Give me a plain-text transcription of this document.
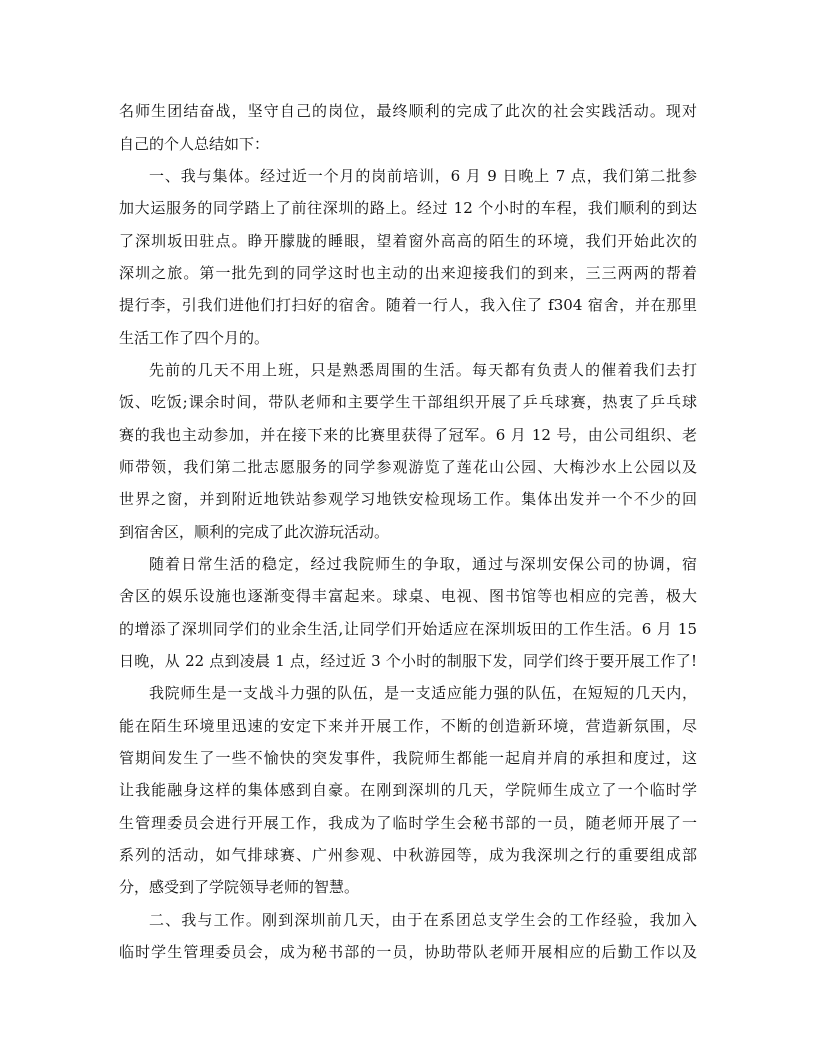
名师生团结奋战，坚守自己的岗位，最终顺利的完成了此次的社会实践活动。现对
自己的个人总结如下：
一、我与集体。经过近一个月的岗前培训，6 月 9 日晚上 7 点，我们第二批参
加大运服务的同学踏上了前往深圳的路上。经过 12 个小时的车程，我们顺利的到达
了深圳坂田驻点。睁开朦胧的睡眼，望着窗外高高的陌生的环境，我们开始此次的
深圳之旅。第一批先到的同学这时也主动的出来迎接我们的到来，三三两两的帮着
提行李，引我们进他们打扫好的宿舍。随着一行人，我入住了 f304 宿舍，并在那里
生活工作了四个月的。
先前的几天不用上班，只是熟悉周围的生活。每天都有负责人的催着我们去打
饭、吃饭;课余时间，带队老师和主要学生干部组织开展了乒乓球赛，热衷了乒乓球
赛的我也主动参加，并在接下来的比赛里获得了冠军。6 月 12 号，由公司组织、老
师带领，我们第二批志愿服务的同学参观游览了莲花山公园、大梅沙水上公园以及
世界之窗，并到附近地铁站参观学习地铁安检现场工作。集体出发并一个不少的回
到宿舍区，顺利的完成了此次游玩活动。
随着日常生活的稳定，经过我院师生的争取，通过与深圳安保公司的协调，宿
舍区的娱乐设施也逐渐变得丰富起来。球桌、电视、图书馆等也相应的完善，极大
的增添了深圳同学们的业余生活,让同学们开始适应在深圳坂田的工作生活。6 月 15
日晚，从 22 点到凌晨 1 点，经过近 3 个小时的制服下发，同学们终于要开展工作了!
我院师生是一支战斗力强的队伍，是一支适应能力强的队伍，在短短的几天内，
能在陌生环境里迅速的安定下来并开展工作，不断的创造新环境，营造新氛围，尽
管期间发生了一些不愉快的突发事件，我院师生都能一起肩并肩的承担和度过，这
让我能融身这样的集体感到自豪。在刚到深圳的几天，学院师生成立了一个临时学
生管理委员会进行开展工作，我成为了临时学生会秘书部的一员，随老师开展了一
系列的活动，如气排球赛、广州参观、中秋游园等，成为我深圳之行的重要组成部
分，感受到了学院领导老师的智慧。
二、我与工作。刚到深圳前几天，由于在系团总支学生会的工作经验，我加入
临时学生管理委员会，成为秘书部的一员，协助带队老师开展相应的后勤工作以及
